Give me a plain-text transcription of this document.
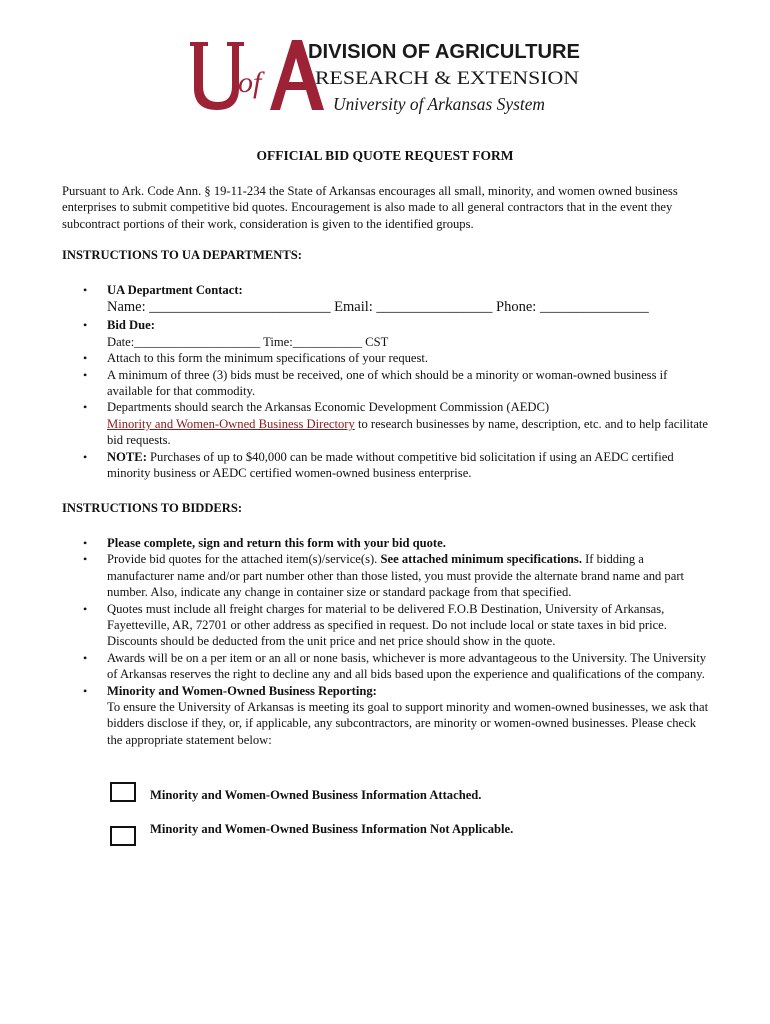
of
DIVISION OF AGRICULTURE
RESEARCH & EXTENSION
University of Arkansas System
OFFICIAL BID QUOTE REQUEST FORM
Pursuant to Ark. Code Ann. § 19-11-234 the State of Arkansas encourages all small, minority, and women owned business enterprises to submit competitive bid quotes. Encouragement is also made to all general contractors that in the event they subcontract portions of their work, consideration is given to the identified groups.
INSTRUCTIONS TO UA DEPARTMENTS:
• UA Department Contact:
Name: _________________________ Email: ________________ Phone: _______________
• Bid Due:
Date:____________________ Time:___________ CST
• Attach to this form the minimum specifications of your request.
• A minimum of three (3) bids must be received, one of which should be a minority or woman-owned business if available for that commodity.
• Departments should search the Arkansas Economic Development Commission (AEDC)
Minority and Women-Owned Business Directory to research businesses by name, description, etc. and to help facilitate bid requests.
• NOTE: Purchases of up to $40,000 can be made without competitive bid solicitation if using an AEDC certified minority business or AEDC certified women-owned business enterprise.
INSTRUCTIONS TO BIDDERS:
• Please complete, sign and return this form with your bid quote.
• Provide bid quotes for the attached item(s)/service(s). See attached minimum specifications. If bidding a manufacturer name and/or part number other than those listed, you must provide the alternate brand name and part number. Also, indicate any change in container size or standard package from that specified.
• Quotes must include all freight charges for material to be delivered F.O.B Destination, University of Arkansas, Fayetteville, AR, 72701 or other address as specified in request. Do not include local or state taxes in bid price. Discounts should be deducted from the unit price and net price should show in the quote.
• Awards will be on a per item or an all or none basis, whichever is more advantageous to the University. The University of Arkansas reserves the right to decline any and all bids based upon the experience and qualifications of the company.
• Minority and Women-Owned Business Reporting:
To ensure the University of Arkansas is meeting its goal to support minority and women-owned businesses, we ask that bidders disclose if they, or, if applicable, any subcontractors, are minority or women-owned businesses. Please check the appropriate statement below:
Minority and Women-Owned Business Information Attached.
Minority and Women-Owned Business Information Not Applicable.
